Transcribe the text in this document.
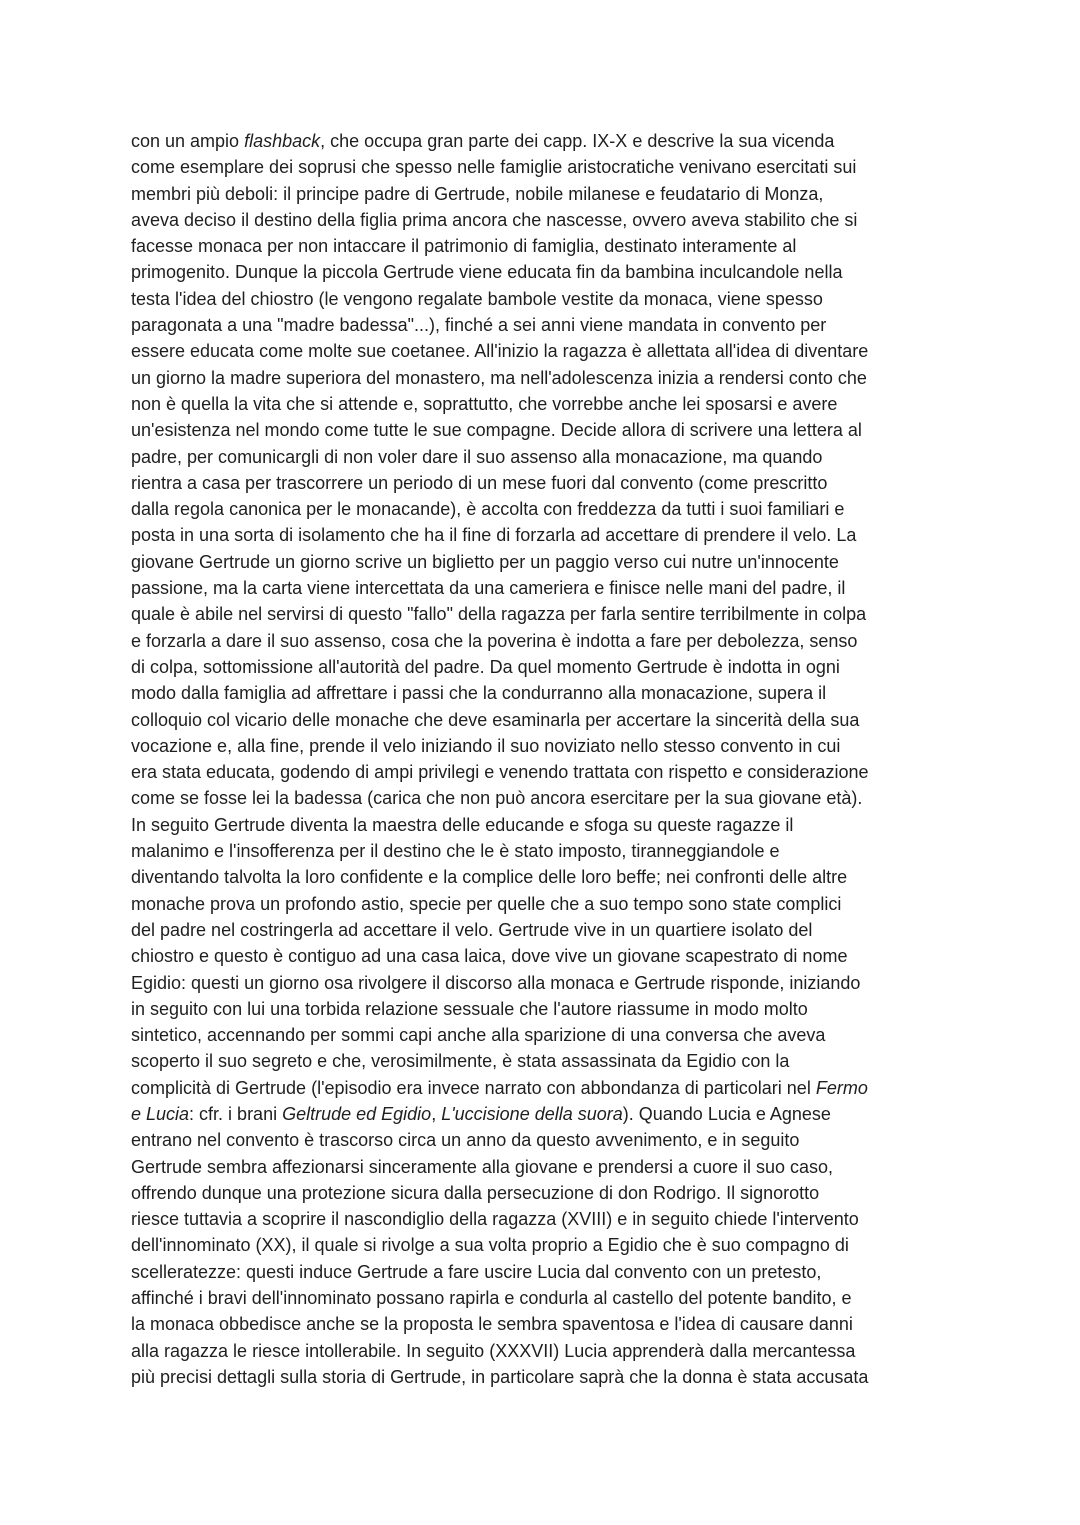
con un ampio flashback, che occupa gran parte dei capp. IX-X e descrive la sua vicenda
come esemplare dei soprusi che spesso nelle famiglie aristocratiche venivano esercitati sui
membri più deboli: il principe padre di Gertrude, nobile milanese e feudatario di Monza,
aveva deciso il destino della figlia prima ancora che nascesse, ovvero aveva stabilito che si
facesse monaca per non intaccare il patrimonio di famiglia, destinato interamente al
primogenito. Dunque la piccola Gertrude viene educata fin da bambina inculcandole nella
testa l'idea del chiostro (le vengono regalate bambole vestite da monaca, viene spesso
paragonata a una "madre badessa"...), finché a sei anni viene mandata in convento per
essere educata come molte sue coetanee. All'inizio la ragazza è allettata all'idea di diventare
un giorno la madre superiora del monastero, ma nell'adolescenza inizia a rendersi conto che
non è quella la vita che si attende e, soprattutto, che vorrebbe anche lei sposarsi e avere
un'esistenza nel mondo come tutte le sue compagne. Decide allora di scrivere una lettera al
padre, per comunicargli di non voler dare il suo assenso alla monacazione, ma quando
rientra a casa per trascorrere un periodo di un mese fuori dal convento (come prescritto
dalla regola canonica per le monacande), è accolta con freddezza da tutti i suoi familiari e
posta in una sorta di isolamento che ha il fine di forzarla ad accettare di prendere il velo. La
giovane Gertrude un giorno scrive un biglietto per un paggio verso cui nutre un'innocente
passione, ma la carta viene intercettata da una cameriera e finisce nelle mani del padre, il
quale è abile nel servirsi di questo "fallo" della ragazza per farla sentire terribilmente in colpa
e forzarla a dare il suo assenso, cosa che la poverina è indotta a fare per debolezza, senso
di colpa, sottomissione all'autorità del padre. Da quel momento Gertrude è indotta in ogni
modo dalla famiglia ad affrettare i passi che la condurranno alla monacazione, supera il
colloquio col vicario delle monache che deve esaminarla per accertare la sincerità della sua
vocazione e, alla fine, prende il velo iniziando il suo noviziato nello stesso convento in cui
era stata educata, godendo di ampi privilegi e venendo trattata con rispetto e considerazione
come se fosse lei la badessa (carica che non può ancora esercitare per la sua giovane età).
In seguito Gertrude diventa la maestra delle educande e sfoga su queste ragazze il
malanimo e l'insofferenza per il destino che le è stato imposto, tiranneggiandole e
diventando talvolta la loro confidente e la complice delle loro beffe; nei confronti delle altre
monache prova un profondo astio, specie per quelle che a suo tempo sono state complici
del padre nel costringerla ad accettare il velo. Gertrude vive in un quartiere isolato del
chiostro e questo è contiguo ad una casa laica, dove vive un giovane scapestrato di nome
Egidio: questi un giorno osa rivolgere il discorso alla monaca e Gertrude risponde, iniziando
in seguito con lui una torbida relazione sessuale che l'autore riassume in modo molto
sintetico, accennando per sommi capi anche alla sparizione di una conversa che aveva
scoperto il suo segreto e che, verosimilmente, è stata assassinata da Egidio con la
complicità di Gertrude (l'episodio era invece narrato con abbondanza di particolari nel Fermo
e Lucia: cfr. i brani Geltrude ed Egidio, L'uccisione della suora). Quando Lucia e Agnese
entrano nel convento è trascorso circa un anno da questo avvenimento, e in seguito
Gertrude sembra affezionarsi sinceramente alla giovane e prendersi a cuore il suo caso,
offrendo dunque una protezione sicura dalla persecuzione di don Rodrigo. Il signorotto
riesce tuttavia a scoprire il nascondiglio della ragazza (XVIII) e in seguito chiede l'intervento
dell'innominato (XX), il quale si rivolge a sua volta proprio a Egidio che è suo compagno di
scelleratezze: questi induce Gertrude a fare uscire Lucia dal convento con un pretesto,
affinché i bravi dell'innominato possano rapirla e condurla al castello del potente bandito, e
la monaca obbedisce anche se la proposta le sembra spaventosa e l'idea di causare danni
alla ragazza le riesce intollerabile. In seguito (XXXVII) Lucia apprenderà dalla mercantessa
più precisi dettagli sulla storia di Gertrude, in particolare saprà che la donna è stata accusata
